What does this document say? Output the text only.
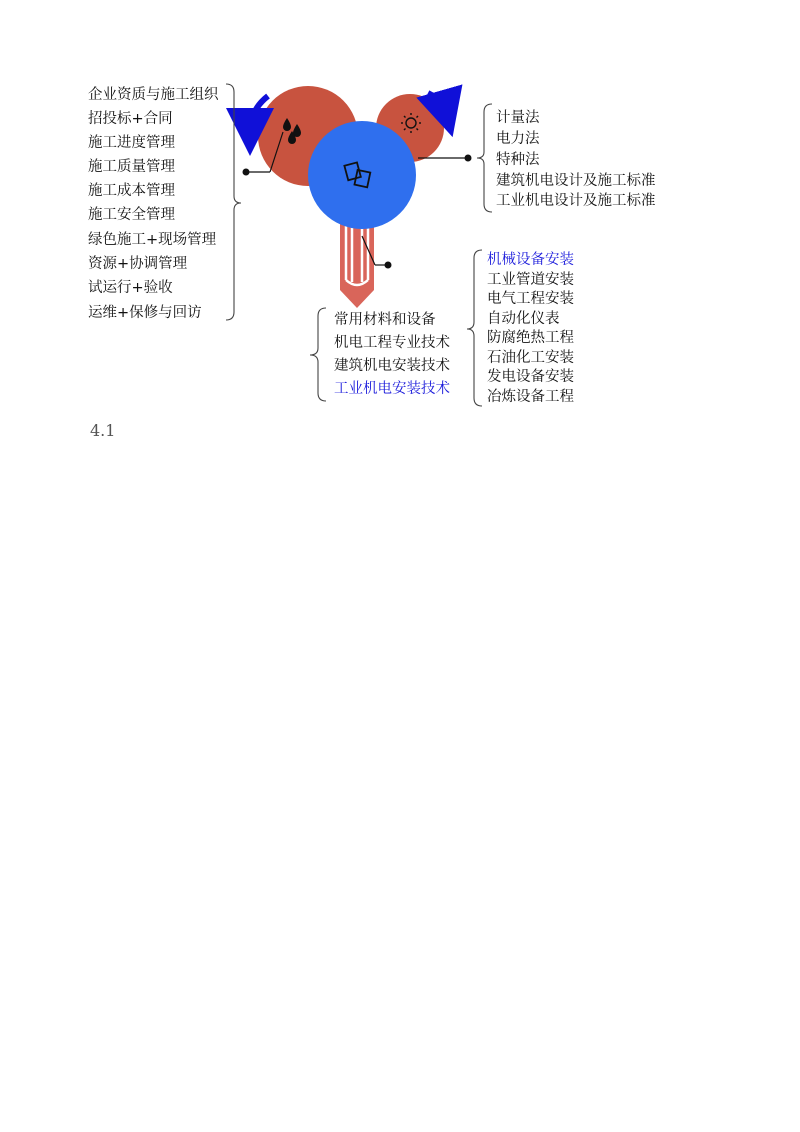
企业资质与施工组织
招投标+合同
施工进度管理
施工质量管理
施工成本管理
施工安全管理
绿色施工+现场管理
资源+协调管理
试运行+验收
运维+保修与回访
计量法
电力法
特种法
建筑机电设计及施工标准
工业机电设计及施工标准
常用材料和设备
机电工程专业技术
建筑机电安装技术
工业机电安装技术
机械设备安装
工业管道安装
电气工程安装
自动化仪表
防腐绝热工程
石油化工安装
发电设备安装
冶炼设备工程
4.1
